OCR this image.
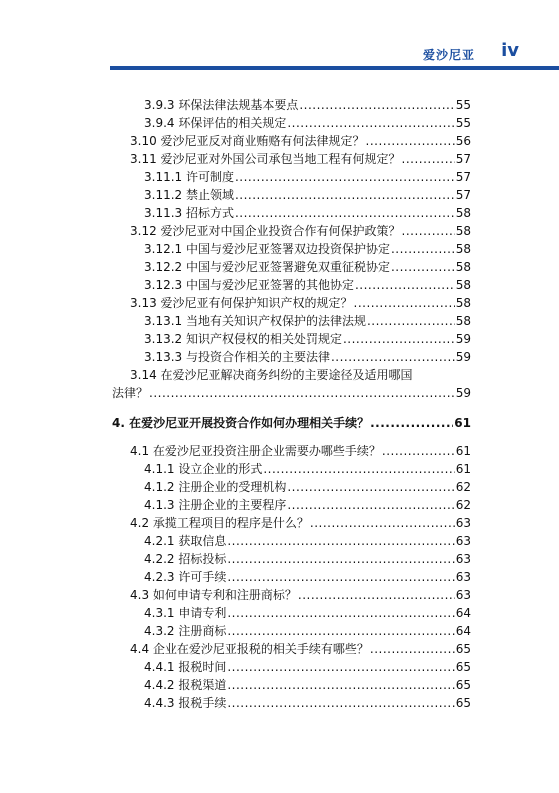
爱沙尼亚 iv
3.9.3 环保法律法规基本要点 .....	55
3.9.4 环保评估的相关规定 .....	55
3.10 爱沙尼亚反对商业贿赂有何法律规定？ .....	56
3.11 爱沙尼亚对外国公司承包当地工程有何规定？ .....	57
3.11.1 许可制度 .....	57
3.11.2 禁止领域 .....	57
3.11.3 招标方式 .....	58
3.12 爱沙尼亚对中国企业投资合作有何保护政策？ .....	58
3.12.1 中国与爱沙尼亚签署双边投资保护协定 .....	58
3.12.2 中国与爱沙尼亚签署避免双重征税协定 .....	58
3.12.3 中国与爱沙尼亚签署的其他协定 .....	58
3.13 爱沙尼亚有何保护知识产权的规定？ .....	58
3.13.1 当地有关知识产权保护的法律法规 .....	58
3.13.2 知识产权侵权的相关处罚规定 .....	59
3.13.3 与投资合作相关的主要法律 .....	59
3.14 在爱沙尼亚解决商务纠纷的主要途径及适用哪国
法律？ .....	59
4. 在爱沙尼亚开展投资合作如何办理相关手续？ .....	61
4.1 在爱沙尼亚投资注册企业需要办哪些手续？ .....	61
4.1.1 设立企业的形式 .....	61
4.1.2 注册企业的受理机构 .....	62
4.1.3 注册企业的主要程序 .....	62
4.2 承揽工程项目的程序是什么？ .....	63
4.2.1 获取信息 .....	63
4.2.2 招标投标 .....	63
4.2.3 许可手续 .....	63
4.3 如何申请专利和注册商标？ .....	63
4.3.1 申请专利 .....	64
4.3.2 注册商标 .....	64
4.4 企业在爱沙尼亚报税的相关手续有哪些？ .....	65
4.4.1 报税时间 .....	65
4.4.2 报税渠道 .....	65
4.4.3 报税手续 .....	65
